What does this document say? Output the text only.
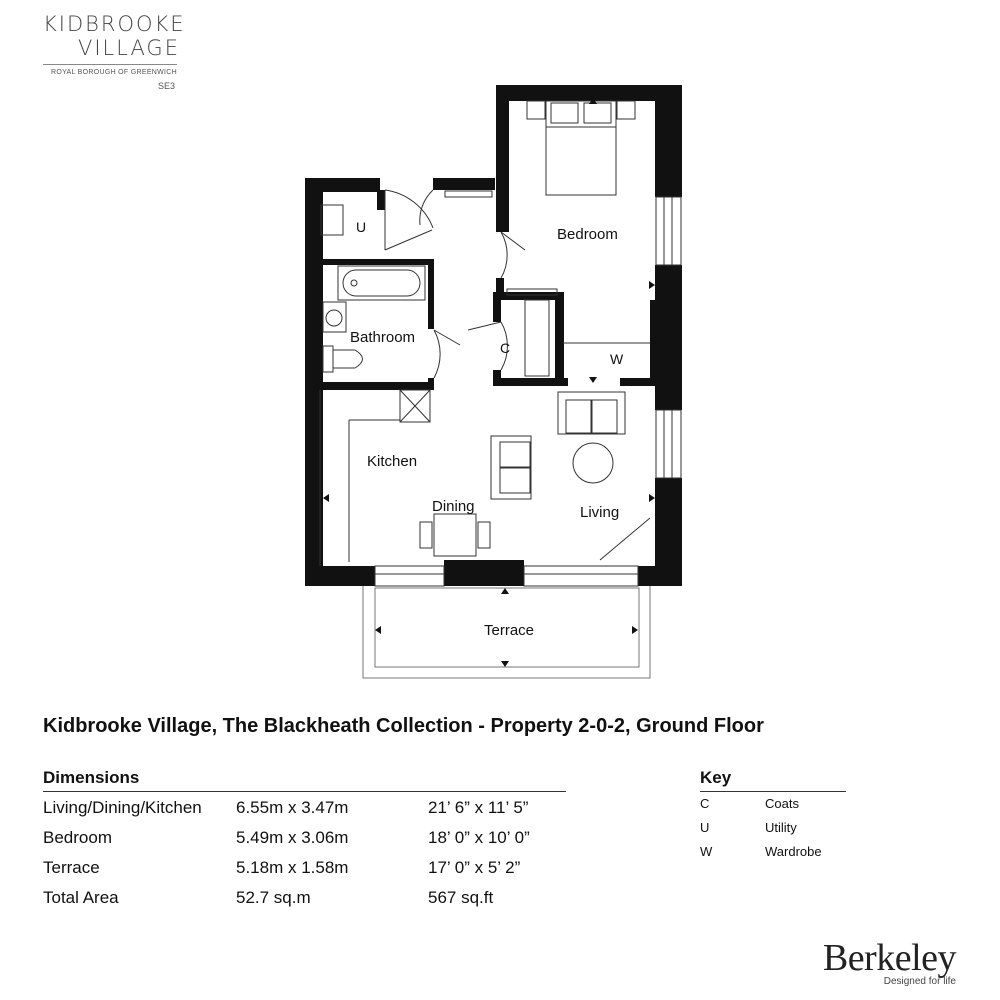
KIDBROOKE
VILLAGE
ROYAL BOROUGH OF GREENWICH
SE3
Bedroom
Bathroom
Kitchen
Dining	Living
Terrace
U
C
W
Kidbrooke Village, The Blackheath Collection - Property 2-0-2, Ground Floor
Dimensions
Living/Dining/Kitchen 6.55m x 3.47m	21’ 6” x 11’ 5”
Bedroom	5.49m x 3.06m	18’ 0” x 10’ 0”
Terrace	5.18m x 1.58m	17’ 0” x 5’ 2”
Total Area	52.7 sq.m	567 sq.ft
Key
C	Coats
U	Utility
W	Wardrobe
Berkeley
Designed for life
